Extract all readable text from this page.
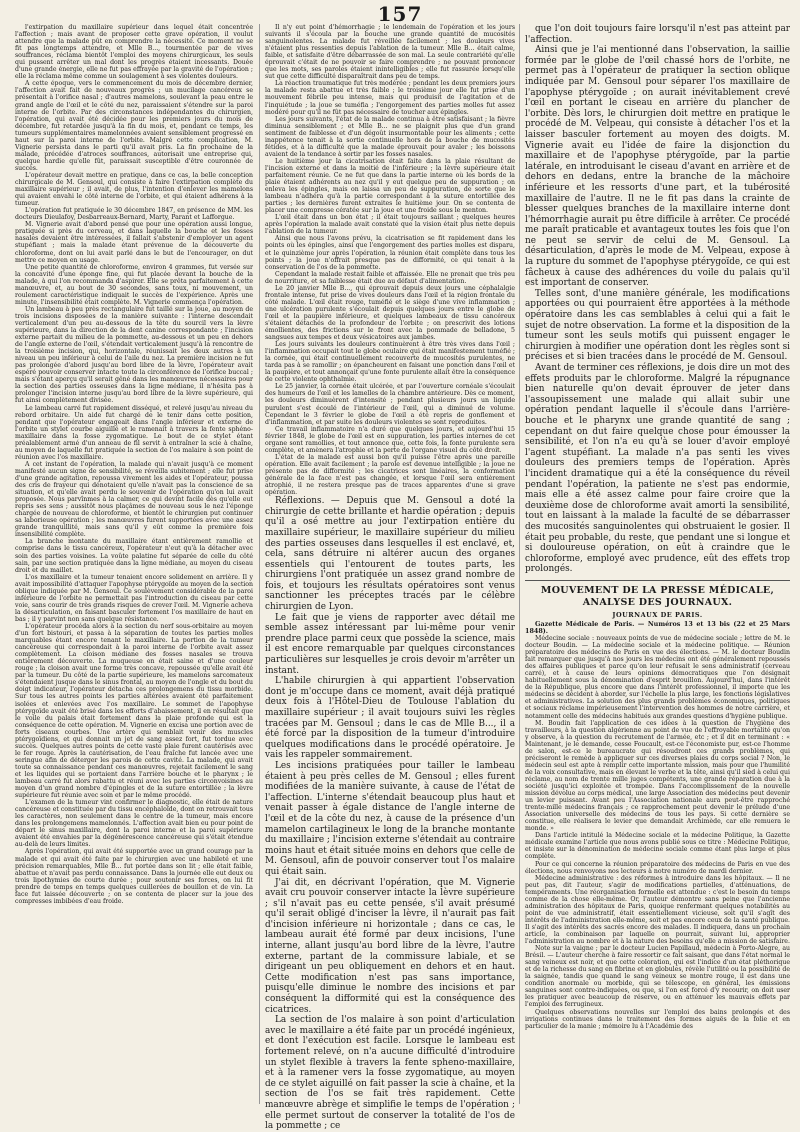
157

l'extirpation du maxillaire supérieur dans lequel était concentrée l'affection ; mais avant de proposer cette grave opération, il voulut attendre que la malade pût en comprendre la nécessité. Ce moment ne se fit pas longtemps attendre, et Mlle B..., tourmentée par de vives souffrances, réclama bientôt l'emploi des moyens chirurgicaux, les seuls qui pussent arrêter un mal dont les progrès étaient incessants. Douée d'une grande énergie, elle ne fut pas effrayée par la gravité de l'opération ; elle la réclama même comme un soulagement à ses violentes douleurs.

A cette époque, vers le commencement du mois de décembre dernier, l'affection avait fait de nouveaux progrès ; un mucilage cancéreux se présentait à l'orifice nasal ; d'autres mamelons, soulevant la peau entre le grand angle de l'œil et le côté du nez, paraissaient s'étendre sur la paroi interne de l'orbite. Par des circonstances indépendantes du chirurgien, l'opération, qui avait été décidée pour les premiers jours du mois de décembre, fut retardée jusqu'à la fin du mois, et, pendant ce temps, les tumeurs supplémentaires mamelonnées avaient sensiblement progressé en haut sur la paroi interne de l'orbite. Malgré cette complication, M. Vignerie persista dans le parti qu'il avait pris. La fin prochaine de la malade, précédée d'atroces souffrances, autorisait une entreprise qui, quelque hardie qu'elle fût, paraissait susceptible d'être couronnée de succès.

L'opérateur devait mettre en pratique, dans ce cas, la belle conception chirurgicale de M. Gensoul, qui consiste à faire l'extirpation complète du maxillaire supérieur ; il avait, de plus, l'intention d'enlever les mamelons qui avaient envahi le côté interne de l'orbite, et qui étaient adhérens à la tumeur.

L'opération fut pratiquée le 30 décembre 1847, en présence de MM. les docteurs Dieulafoy, Desbarreaux-Bernard, Marty, Parant et Lafforgue.

M. Vignerie avait d'abord pensé que pour une opération aussi longue, pratiquée si près du cerveau, et dans laquelle la bouche et les fosses nasales devaient être intéressées, il fallait s'abstenir d'employer un agent stupéfiant ; mais la malade étant prévenue de la découverte du chloroforme, dont on lui avait parlé dans le but de l'encourager, on dut mettre ce moyen en usage.

Une petite quantité de chloroforme, environ 4 grammes, fut versée sur la concavité d'une éponge fine, qui fut placée devant la bouche de la malade, à qui l'on recommanda d'aspirer. Elle se prêta parfaitement à cette manœuvre, et, au bout de 30 secondes, sans toux, ni mouvement, un roulement caractéristique indiquait le succès de l'expérience. Après une minute, l'insensibilité était complète. M. Vignerie commença l'opération.

Un lambeau à peu près rectangulaire fut taillé sur la joue, au moyen de trois incisions disposées de la manière suivante : l'interne descendait verticalement d'un peu au-dessous de la tête du sourcil vers la lèvre supérieure, dans la direction de la dent canine correspondante ; l'incision externe partait du milieu de la pommette, au-dessous et un peu en dehors de l'angle externe de l'œil, s'étendait verticalement jusqu'à la rencontre de la troisième incision, qui, horizontale, réunissait les deux autres à un niveau un peu inférieur à celui de l'aile du nez. La première incision ne fut pas prolongée d'abord jusqu'au bord libre de la lèvre, l'opérateur avait espéré pouvoir conserver intacte toute la circonférence de l'orifice buccal ; mais s'étant aperçu qu'il serait gêné dans les manœuvres nécessaires pour la section des parties osseuses dans la ligne médiane, il n'hésita pas à prolonger l'incision interne jusqu'au bord libre de la lèvre supérieure, qui fut ainsi complètement divisée.

Le lambeau carré fut rapidement disséqué, et relevé jusqu'au niveau du rebord orbitaire. Un aide fut chargé de le tenir dans cette position, pendant que l'opérateur engageait dans l'angle inférieur et externe de l'orbite un stylet courbe aiguillé et le ramenait à travers la fente sphéno-maxillaire dans la fosse zygomatique. Le bout de ce stylet étant préalablement armé d'un anneau de fil servit à entraîner la scie à chaîne, au moyen de laquelle fut pratiquée la section de l'os malaire à son point de réunion avec l'os maxillaire.

A cet instant de l'opération, la malade qui n'avait jusqu'à ce moment manifesté aucun signe de sensibilité, se réveilla subitement ; elle fut prise d'une grande agitation, repoussa vivement les aides et l'opérateur, poussa des cris de frayeur qui dénotaient qu'elle n'avait pas la conscience de sa situation, et qu'elle avait perdu le souvenir de l'opération qu'on lui avait proposée. Nous parvînmes à la calmer, ce qui devint facile dès qu'elle eut repris ses sens ; aussitôt nous plaçâmes de nouveau sous le nez l'éponge chargée de nouveau de chloroforme, et bientôt le chirurgien put continuer sa laborieuse opération ; les manœuvres furent supportées avec une assez grande tranquillité, mais sans qu'il y eût comme la première fois insensibilité complète.

La branche montante du maxillaire étant entièrement ramollie et comprise dans le tissu cancéreux, l'opérateur n'eut qu'à la détacher avec soin des parties voisines. La voûte palatine fut séparée de celle du côté sain, par une section pratiquée dans la ligne médiane, au moyen du ciseau droit et du maillet.

L'os maxillaire et la tumeur tenaient encore solidement en arrière. Il y avait impossibilité d'attaquer l'apophyse ptérygoïde au moyen de la section oblique indiquée par M. Gensoul. Ce soulèvement considérable de la paroi inférieure de l'orbite ne permettait pas l'introduction du ciseau par cette voie, sans courir de très grands risques de crever l'œil. M. Vignerie acheva la désarticulation, en faisant basculer fortement l'os maxillaire de haut en bas ; il y parvint non sans quelque résistance.

L'opérateur procéda alors à la section du nerf sous-orbitaire au moyen d'un fort bistouri, et passa à la séparation de toutes les parties molles marquables étant encore tenant le maxillaire. La portion de la tumeur cancéreuse qui correspondait à la paroi interne de l'orbite avait assez complètement. La cloison médiane des fosses nasales se trouva entièrement découverte. La muqueuse en était saine et d'une couleur rouge ; la cloison avait une forme très concave, repoussée qu'elle avait été par la tumeur. Du côté de la partie supérieure, les mamelons sarcomateux s'étendaient jusque dans le sinus frontal, au moyen de l'ongle et du bout du doigt indicateur, l'opérateur détacha ces prolongemens du tissu morbide. Sur tous les autres points les parties altérées avaient été parfaitement isolées et enlevées avec l'os maxillaire. Le sommet de l'apophyse ptérygoïde avait été brisé dans les efforts d'abaissement, il en résultait que le voile du palais était fortement dans la plaie profonde qui est la conséquence de cette opération. M. Vignerie en excisa une portion avec de forts ciseaux courbes. Une artère qui semblait venir des muscles ptérygoïdiens, et qui donnait un jet de sang assez fort, fut tordue avec succès. Quelques autres points de cette vaste plaie furent cautérisés avec le fer rouge. Après la cautérisation, de l'eau fraîche fut lancée avec une seringue afin de déterger les parois de cette cavité. La malade, qui avait toute sa connaissance pendant ces manœuvres, rejetait facilement le sang et les liquides qui se portaient dans l'arrière bouche et le pharynx ; le lambeau carré fut alors rabattu et réuni avec les parties circonvoisines au moyen d'un grand nombre d'épingles et de la suture entortillée ; la lèvre supérieure fut réunie avec soin et par le même procédé.

L'examen de la tumeur vint confirmer le diagnostic, elle était de nature cancéreuse et constituée par du tissu encéphaloïde, dont on retrouvait tous les caractères, non seulement dans le centre de la tumeur, mais encore dans les prolongemens mamelonnés. L'affection avait bien eu pour point de départ le sinus maxillaire, dont la paroi interne et la paroi supérieure avaient été envahies par la dégénérescence cancéreuse qui s'était étendue au-delà de leurs limites.

Après l'opération, qui avait été supportée avec un grand courage par la malade et qui avait été faite par le chirurgien avec une habileté et une précision remarquables, Mlle B... fut portée dans son lit ; elle était faible, abattue et n'avait pas perdu connaissance. Dans la journée elle eut deux ou trois lipothymies de courte durée ; pour soutenir ses forces, on lui fit prendre de temps en temps quelques cuillerées de bouillon et de vin. La face fut laissée découverte ; on se contenta de placer sur la joue des compresses imbibées d'eau froide.

Il n'y eut point d'hémorrhagie ; le lendemain de l'opération et les jours suivants il s'écoula par la bouche une grande quantité de mucosités sanguinolentes. La malade fut réveillée facilement ; les douleurs vives n'étaient plus ressenties depuis l'ablation de la tumeur. Mlle B... était calme, faible, et satisfaite d'être débarrassée de son mal. La seule contrariété qu'elle éprouvait c'était de ne pouvoir se faire comprendre ; ne pouvant prononcer que les mots, ses paroles étaient inintelligibles ; elle fut rassurée lorsqu'elle sut que cette difficulté disparaîtrait dans peu de temps.

La réaction traumatique fut très modérée ; pendant les deux premiers jours la malade resta abattue et très faible ; le troisième jour elle fut prise d'un mouvement fébrile peu intense, mais qui produisit de l'agitation et de l'inquiétude ; la joue se tuméfia ; l'engorgement des parties molles fut assez modéré pour qu'il ne fût pas nécessaire de toucher aux épingles.

Les jours suivants, l'état de la malade continua à être satisfaisant ; la fièvre diminua sensiblement ; et Mlle B... ne se plaignit plus que d'un grand sentiment de faiblesse et d'un dégoût insurmontable pour les aliments ; cette inappétence tenait à la sortie continuelle hors de la bouche de mucosités fétides, et à la difficulté que la malade éprouvait pour avaler ; les boissons avaient de la tendance à sortir par les fosses nasales.

Le huitième jour la cicatrisation était faite dans la plaie résultant de l'incision externe et dans la moitié de l'inférieure ; la lèvre supérieure était parfaitement réunie. Ce ne fut que dans la partie interne où les bords de la plaie étaient adhérents au nez qu'il y eut quelque peu de suppuration ; on enleva les épingles, mais on laissa un peu de suppuration, de sorte que le lambeau n'adhéra qu'à la partie correspondant à la suture entortillée des parties ; les dernières furent extraites le huitième jour. On se contenta de placer une compresse cératée sur la joue et une froide sous le menton.

L'œil était dans un bon état ; il était toujours saillant ; quelques heures après l'opération la malade avait constaté que la vision était plus nette depuis l'ablation de la tumeur.

Ainsi que nous l'avons prévu, la cicatrisation se fit rapidement dans les points où les épingles, ainsi que l'engorgement des parties molles est disparu, et le quinzième jour après l'opération, la réunion était complète dans tous les points ; la joue n'offrait presque pas de difformité, ce qui tenait à la conservation de l'os de la pommette.

Cependant la malade restait faible et affaissée. Elle ne prenait que très peu de nourriture, et sa faiblesse était due au défaut d'alimentation.

Le 20 janvier Mlle B..., qui éprouvait depuis deux jours une céphalalgie frontale intense, fut prise de vives douleurs dans l'œil et la région frontale du côté malade. L'œil était rouge, tuméfié et le siège d'une vive inflammation ; une ulcération purulente s'écoulait depuis quelques jours entre le globe de l'œil et la paupière inférieure, et quelques lambeaux de tissu cancéreux s'étaient détachés de la profondeur de l'orbite ; on prescrivit des lotions émollientes, des frictions sur le front avec la pommade de belladone, 5 sangsues aux tempes et deux vésicatoires aux jambes.

Les jours suivants les douleurs continuèrent à être très vives dans l'œil ; l'inflammation occupait tout le globe oculaire qui était manifestement tuméfié ; la cornée, qui était continuellement recouverte de mucosités purulentes, ne tarda pas à se ramollir ; on épancheurent en faisant une ponction dans l'œil et la paupière, et tout annonçait qu'une fonte purulente allait être la conséquence de cette violente ophthalmie.

Le 25 janvier, la cornée était ulcérée, et par l'ouverture cornéale s'écoulait des humeurs de l'œil et les lamelles de la chambre antérieure. Dès ce moment, les douleurs diminuèrent d'intensité ; pendant plusieurs jours un liquide purulent s'est écoulé de l'intérieur de l'œil, qui a diminué de volume. Cependant le 3 février le globe de l'œil a été repris de gonflement et d'inflammation, et par suite les douleurs violentes se sont reproduites.

Ce travail inflammatoire n'a duré que quelques jours, et aujourd'hui 15 février 1848, le globe de l'œil est en suppuration, les parties internes de cet organe sont ramollies, et tout annonce que, cette fois, la fonte purulente sera complète, et amènera l'atrophie et la perte de l'organe visuel du côté droit.

L'état de la malade est aussi bon qu'il puisse l'être après une pareille opération. Elle avait facilement ; la parole est devenue intelligible ; la joue ne présente pas de difformité ; les cicatrices sont linéaires, la conformation générale de la face n'est pas changée, et lorsque l'œil sera entièrement atrophié, il ne restera presque pas de traces apparentes d'une si grave opération.

Réflexions. — Depuis que M. Gensoul a doté la chirurgie de cette brillante et hardie opération ; depuis qu'il a osé mettre au jour l'extirpation entière du maxillaire supérieur, le maxillaire supérieur du milieu des parties osseuses dans lesquelles il est enclavé, et, cela, sans détruire ni altérer aucun des organes essentiels qui l'entourent de toutes parts, les chirurgiens l'ont pratiquée un assez grand nombre de fois, et toujours les résultats opératoires sont venus sanctionner les préceptes tracés par le célèbre chirurgien de Lyon.

Le fait que je viens de rapporter avec détail me semble assez intéressant par lui-même pour venir prendre place parmi ceux que possède la science, mais il est encore remarquable par quelques circonstances particulières sur lesquelles je crois devoir m'arrêter un instant.

L'habile chirurgien à qui appartient l'observation dont je m'occupe dans ce moment, avait déjà pratiqué deux fois à l'Hôtel-Dieu de Toulouse l'ablation du maxillaire supérieur ; il avait toujours suivi les règles tracées par M. Gensoul ; dans le cas de Mlle B..., il a été forcé par la disposition de la tumeur d'introduire quelques modifications dans le procédé opératoire. Je vais les rappeler sommairement.

Les incisions pratiquées pour tailler le lambeau étaient à peu près celles de M. Gensoul ; elles furent modifiées de la manière suivante, à cause de l'état de l'affection. L'interne s'étendait beaucoup plus haut et venait passer à égale distance de l'angle interne de l'œil et de la côte du nez, à cause de la présence d'un mamelon cartilagineux le long de la branche montante du maxillaire ; l'incision externe s'étendait au contraire moins haut et était située moins en dehors que celle de M. Gensoul, afin de pouvoir conserver tout l'os malaire qui était sain.

J'ai dit, en décrivant l'opération, que M. Vignerie avait cru pouvoir conserver intacte la lèvre supérieure ; s'il n'avait pas eu cette pensée, s'il avait présumé qu'il serait obligé d'inciser la lèvre, il n'aurait pas fait d'incision inférieure ni horizontale ; dans ce cas, le lambeau aurait été formé par deux incisions, l'une interne, allant jusqu'au bord libre de la lèvre, l'autre externe, partant de la commissure labiale, et se dirigeant un peu obliquement en dehors et en haut. Cette modification n'est pas sans importance, puisqu'elle diminue le nombre des incisions et par conséquent la difformité qui est la conséquence des cicatrices.

La section de l'os malaire à son point d'articulation avec le maxillaire a été faite par un procédé ingénieux, et dont l'exécution est facile. Lorsque le lambeau est fortement relevé, on n'a aucune difficulté d'introduire un stylet flexible à travers la fente spheno-maxillaire, et à la ramener vers la fosse zygomatique, au moyen de ce stylet aiguillé on fait passer la scie à chaîne, et la section de l'os se fait très rapidement. Cette manœuvre abrège et simplifie le temps de l'opération ; elle permet surtout de conserver la totalité de l'os de la pommette ; ce

que l'on doit toujours faire lorsqu'il n'est pas atteint par l'affection.

Ainsi que je l'ai mentionné dans l'observation, la saillie formée par le globe de l'œil chassé hors de l'orbite, ne permet pas à l'opérateur de pratiquer la section oblique indiquée par M. Gensoul pour séparer l'os maxillaire de l'apophyse ptérygoïde ; on aurait inévitablement crevé l'œil en portant le ciseau en arrière du plancher de l'orbite. Dès lors, le chirurgien doit mettre en pratique le procédé de M. Velpeau, qui consiste à détacher l'os et la laisser basculer fortement au moyen des doigts. M. Vignerie avait eu l'idée de faire la disjonction du maxillaire et de l'apophyse ptérygoïde, par la partie latérale, en introduisant le ciseau d'avant en arrière et de dehors en dedans, entre la branche de la mâchoire inférieure et les ressorts d'une part, et la tubérosité maxillaire de l'autre. Il ne le fit pas dans la crainte de blesser quelques branches de la maxillaire interne dont l'hémorrhagie aurait pu être difficile à arrêter. Ce procédé me paraît praticable et avantageux toutes les fois que l'on ne peut se servir de celui de M. Gensoul. La désarticulation, d'après le mode de M. Velpeau, expose à la rupture du sommet de l'apophyse ptérygoïde, ce qui est fâcheux à cause des adhérences du voile du palais qu'il est important de conserver.

Telles sont, d'une manière générale, les modifications apportées ou qui pourraient être apportées à la méthode opératoire dans les cas semblables à celui qui a fait le sujet de notre observation. La forme et la disposition de la tumeur sont les seuls motifs qui puissent engager le chirurgien à modifier une opération dont les règles sont si précises et si bien tracées dans le procédé de M. Gensoul.

Avant de terminer ces réflexions, je dois dire un mot des effets produits par le chloroforme. Malgré la répugnance bien naturelle qu'on devait éprouver de jeter dans l'assoupissement une malade qui allait subir une opération pendant laquelle il s'écoule dans l'arrière-bouche et le pharynx une grande quantité de sang ; cependant on dut faire quelque chose pour émousser la sensibilité, et l'on n'a eu qu'à se louer d'avoir employé l'agent stupéfiant. La malade n'a pas senti les vives douleurs des premiers temps de l'opération. Après l'incident dramatique qui a été la conséquence du réveil pendant l'opération, la patiente ne s'est pas endormie, mais elle a été assez calme pour faire croire que la deuxième dose de chloroforme avait amorti la sensibilité, tout en laissant à la malade la faculté de se débarrasser des mucosités sanguinolentes qui obstruaient le gosier. Il était peu probable, du reste, que pendant une si longue et si douloureuse opération, on eût à craindre que le chloroforme, employé avec prudence, eût des effets trop prolongés.

MOUVEMENT DE LA PRESSE MÉDICALE, ANALYSE DES JOURNAUX.
JOURNAUX DE PARIS.

Gazette Médicale de Paris. — Numéros 13 et 13 bis (22 et 25 Mars 1848).

Médecine sociale : nouveaux points de vue de médecine sociale ; lettre de M. le docteur Boudin. — La médecine sociale et la médecine politique. — Réunion préparatoire des médecins de Paris en vue des élections. — M. le docteur Boudin fait remarquer que jusqu'à nos jours les médecins ont été généralement repoussés des affaires publiques et parce qu'on leur refusait le sens administratif (cerveau carré), et à cause de leurs opinions démocratiques que l'on désignait habituellement sous la dénomination d'esprit brouillon. Aujourd'hui, dans l'intérêt de la République, plus encore que dans l'intérêt professionnel, il importe que les médecins se décident à aborder, sur l'échelle la plus large, les fonctions législatives et administratives. La solution des plus grands problèmes économiques, politiques et sociaux réclame impérieusement l'intervention des hommes de notre carrière, et notamment celle des médecins habitués aux grandes questions d'hygiène publique.

M. Boudin fait l'application de ces idées à la question de l'hygiène des travailleurs, à la question algérienne au point de vue de l'effroyable mortalité qu'on y observe, à la question du recrutement de l'armée, etc ; et il dit en terminant : « Maintenant, je le demande, cesse Foucault, est-ce l'économiste pur, est-ce l'homme de salon, est-ce le bureaucrate qui résoudront ces grands problèmes, qui préciseront le remède à appliquer sur ces diverses plaies du corps social ? Non, le médecin seul est apte à remplir cette importante mission, mais pour que l'humilité de la voix consultative, mais en élevant le verbe et la tête, ainsi qu'il sied à celui qui réclame, au nom de trente mille juges compétents, une grande réparation due à la société jusqu'ici exploitée et trompée. Dans l'accomplissement de la nouvelle mission dévolue au corps médical, une large Association des médecins peut devenir un levier puissant. Avant peu l'Association nationale aura peut-être rapproché trente-mille médecins français ; ce rapprochement peut devenir le prélude d'une Association universelle des médecins de tous les pays. Si cette dernière se constitue, elle réalisera le levier que demandait Archimède, car elle remuera le monde. »

Dans l'article intitulé la Médecine sociale et la médecine Politique, la Gazette médicale examine l'article que nous avons publié sous ce titre : Médecine Politique, et insiste sur la dénomination de médecine sociale comme étant plus large et plus complète.

Pour ce qui concerne la réunion préparatoire des médecins de Paris en vue des élections, nous renvoyons nos lecteurs à notre numéro de mardi dernier.

Médecine administrative : des réformes à introduire dans les hôpitaux. — Il ne peut pas, dit l'auteur, s'agir de modifications partielles, d'atténuations, de tempéraments. Une réorganisation formelle est attendue : c'est le besoin du temps comme de la chose elle-même. Or, l'auteur démontre sans peine que l'ancienne administration des hôpitaux de Paris, quoique renfermant quelques notabilités au point de vue administratif, était essentiellement vicieuse, soit qu'il s'agît des intérêts de l'administration elle-même, soit et pas encore ceux de la santé publique. Il s'agit des intérêts des sacrés encore des malades. Il indiquera, dans un prochain article, la combinaison par laquelle on pourrait, suivant lui, approprier l'administration au nombre et à la nature des besoins qu'elle a mission de satisfaire.

Note sur la vaigne ; par le docteur Lucien Papillaud, médecin à Porto-Alegre, au Brésil. — L'auteur cherche à faire ressortir ce fait saisant, que dans l'état normal le sang veineux est noir, et que cette coloration, qui est l'indice d'un état pléthorique et de la richesse du sang en fibrine et en globules, révèle l'utilité ou la possibilité de la saignée, tandis que quand le sang veineux se montre rouge, il est dans une condition anormale ou morbide, qui se télescope, en général, les émissions sanguines sont contre-indiquées, ou que, si l'on est forcé d'y recourir, on doit user les pratiquer avec beaucoup de réserve, ou en atténuer les mauvais effets par l'emploi des ferrugineux.

Quelques observations nouvelles sur l'emploi des bains prolongés et des irrigations continues dans le traitement des formes aiguës de la folie et en particulier de la manie ; mémoire lu à l'Académie des
